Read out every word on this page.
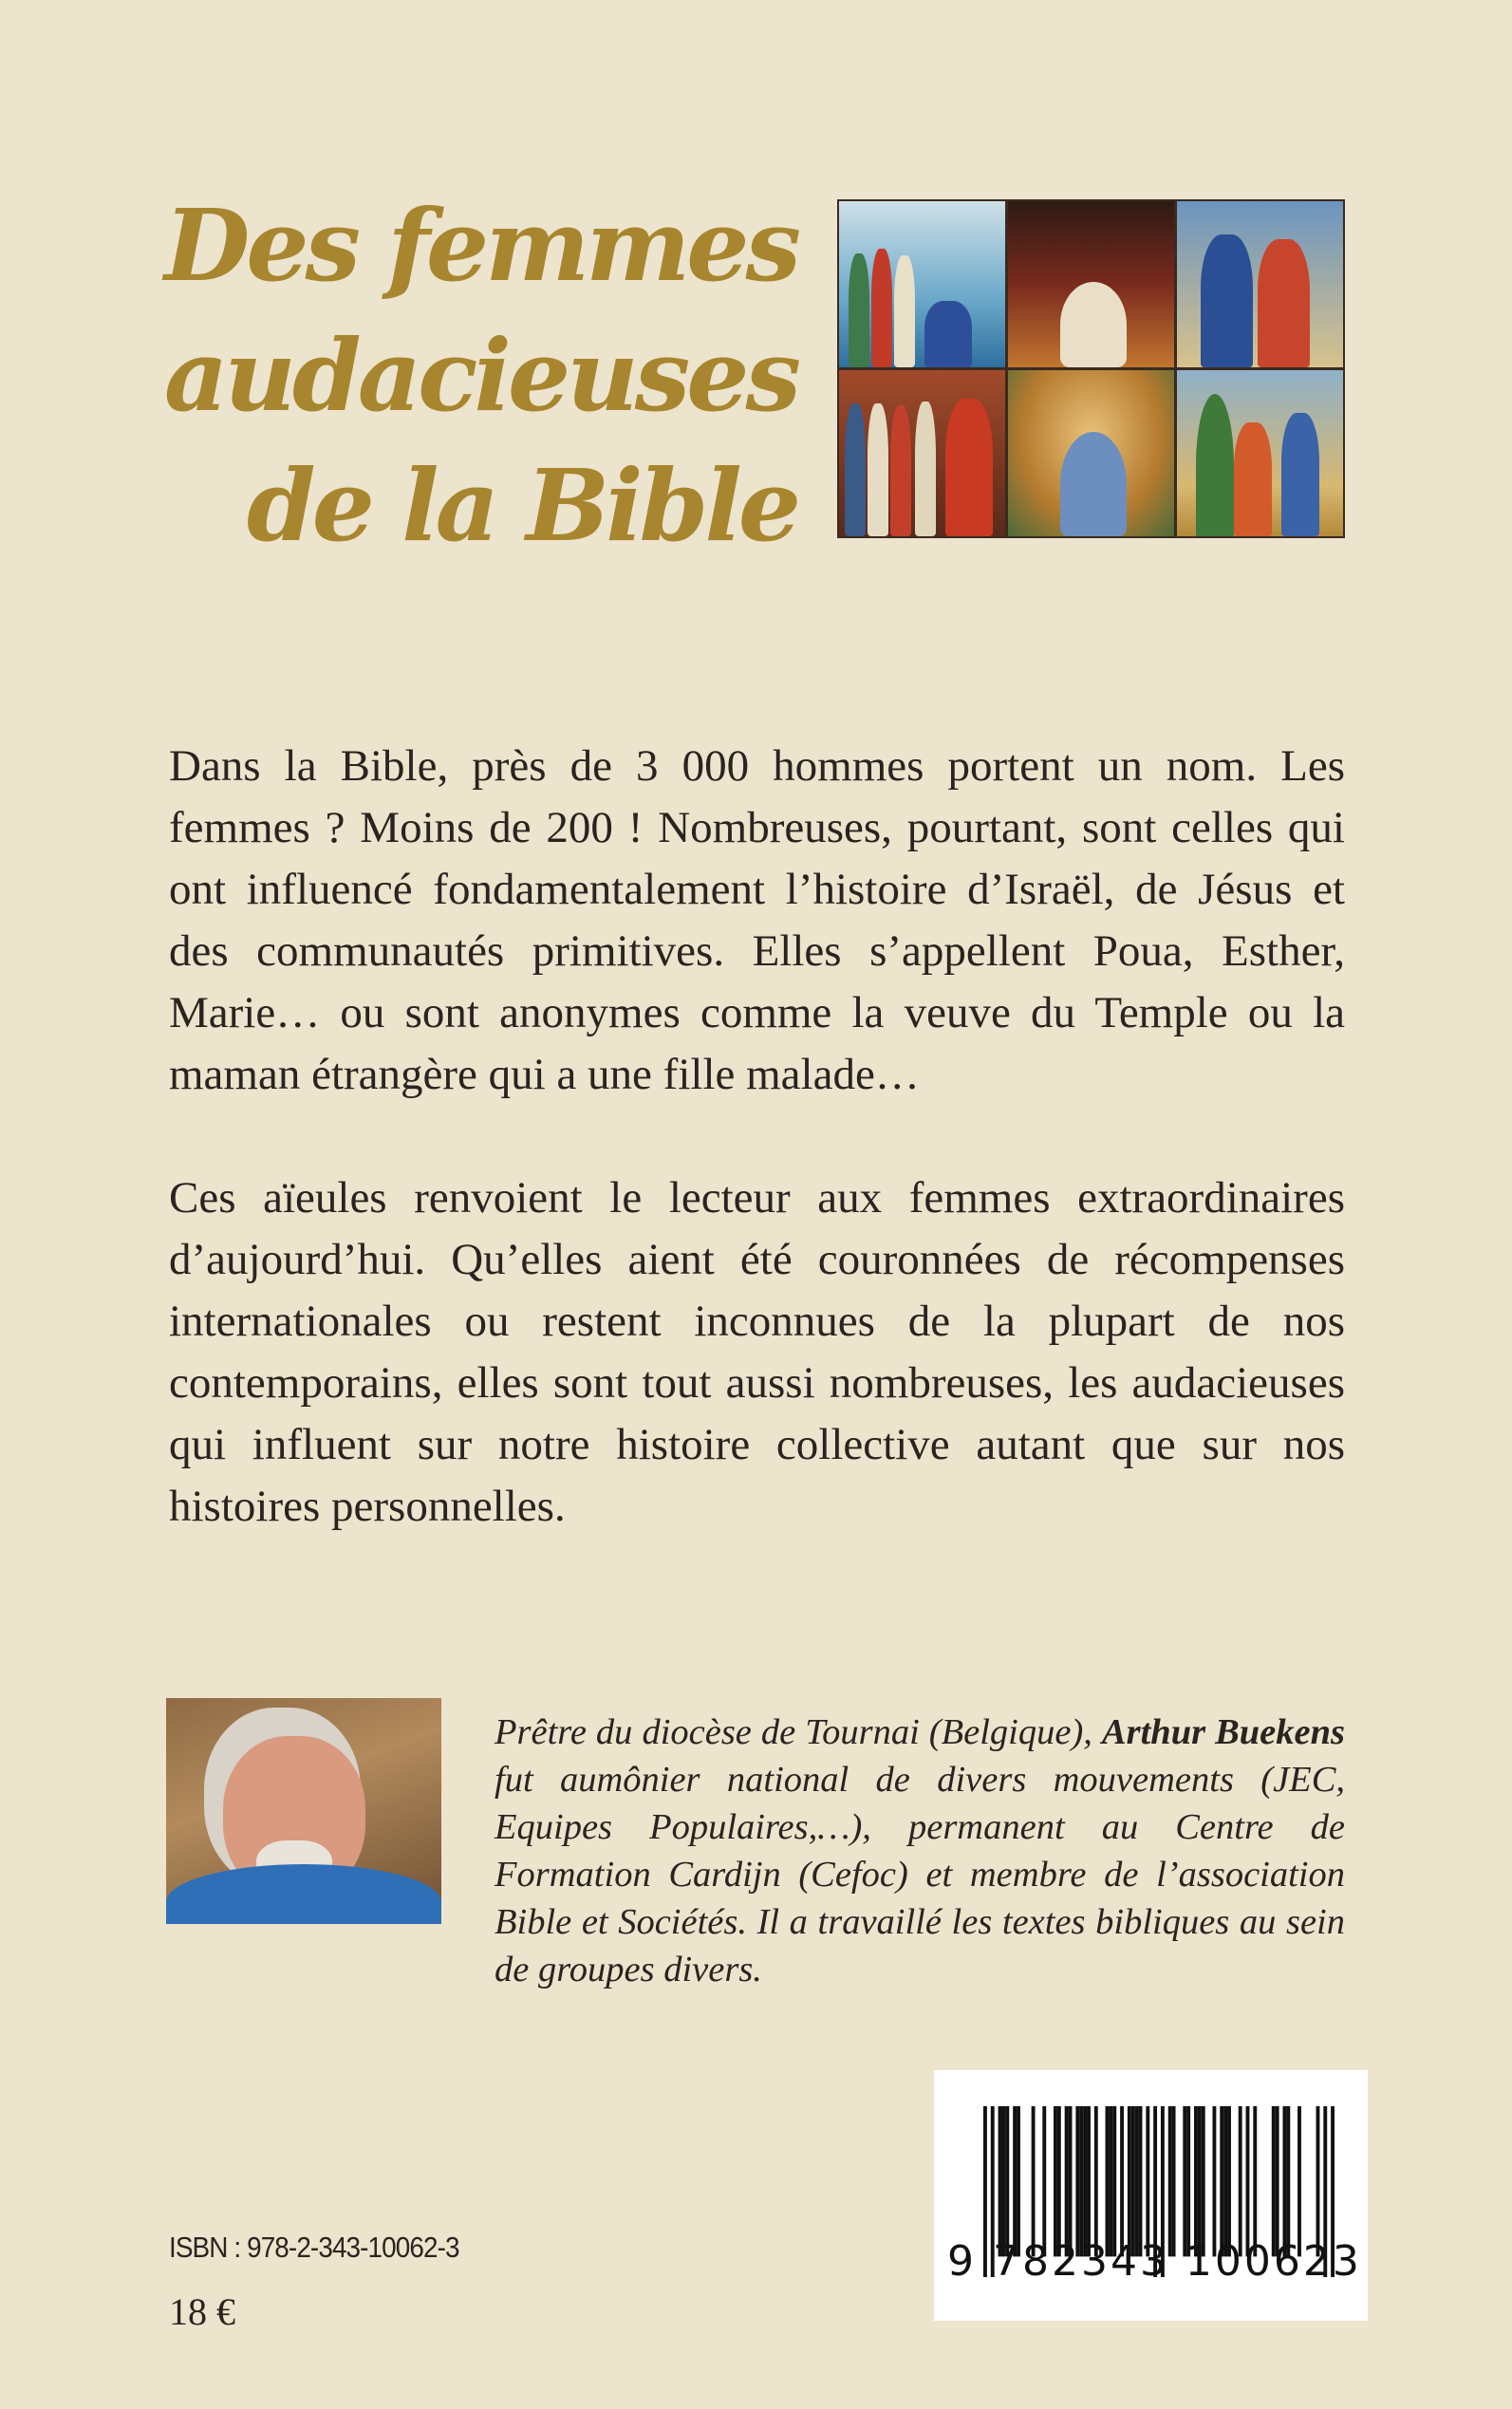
Des femmes
audacieuses
de la Bible

Dans la Bible, près de 3 000 hommes portent un nom. Les femmes ? Moins de 200 ! Nombreuses, pourtant, sont celles qui ont influencé fondamentalement l’histoire d’Israël, de Jésus et des communautés primitives. Elles s’appellent Poua, Esther, Marie… ou sont anonymes comme la veuve du Temple ou la maman étrangère qui a une fille malade…

Ces aïeules renvoient le lecteur aux femmes extraordinaires d’aujourd’hui. Qu’elles aient été couronnées de récompenses internationales ou restent inconnues de la plupart de nos contemporains, elles sont tout aussi nombreuses, les audacieuses qui influent sur notre histoire collective autant que sur nos histoires personnelles.

Prêtre du diocèse de Tournai (Belgique), Arthur Buekens fut aumônier national de divers mouvements (JEC, Equipes Populaires,…), permanent au Centre de Formation Cardijn (Cefoc) et membre de l’association Bible et Sociétés. Il a travaillé les textes bibliques au sein de groupes divers.

9 782343 100623
ISBN : 978-2-343-10062-3
18 €
